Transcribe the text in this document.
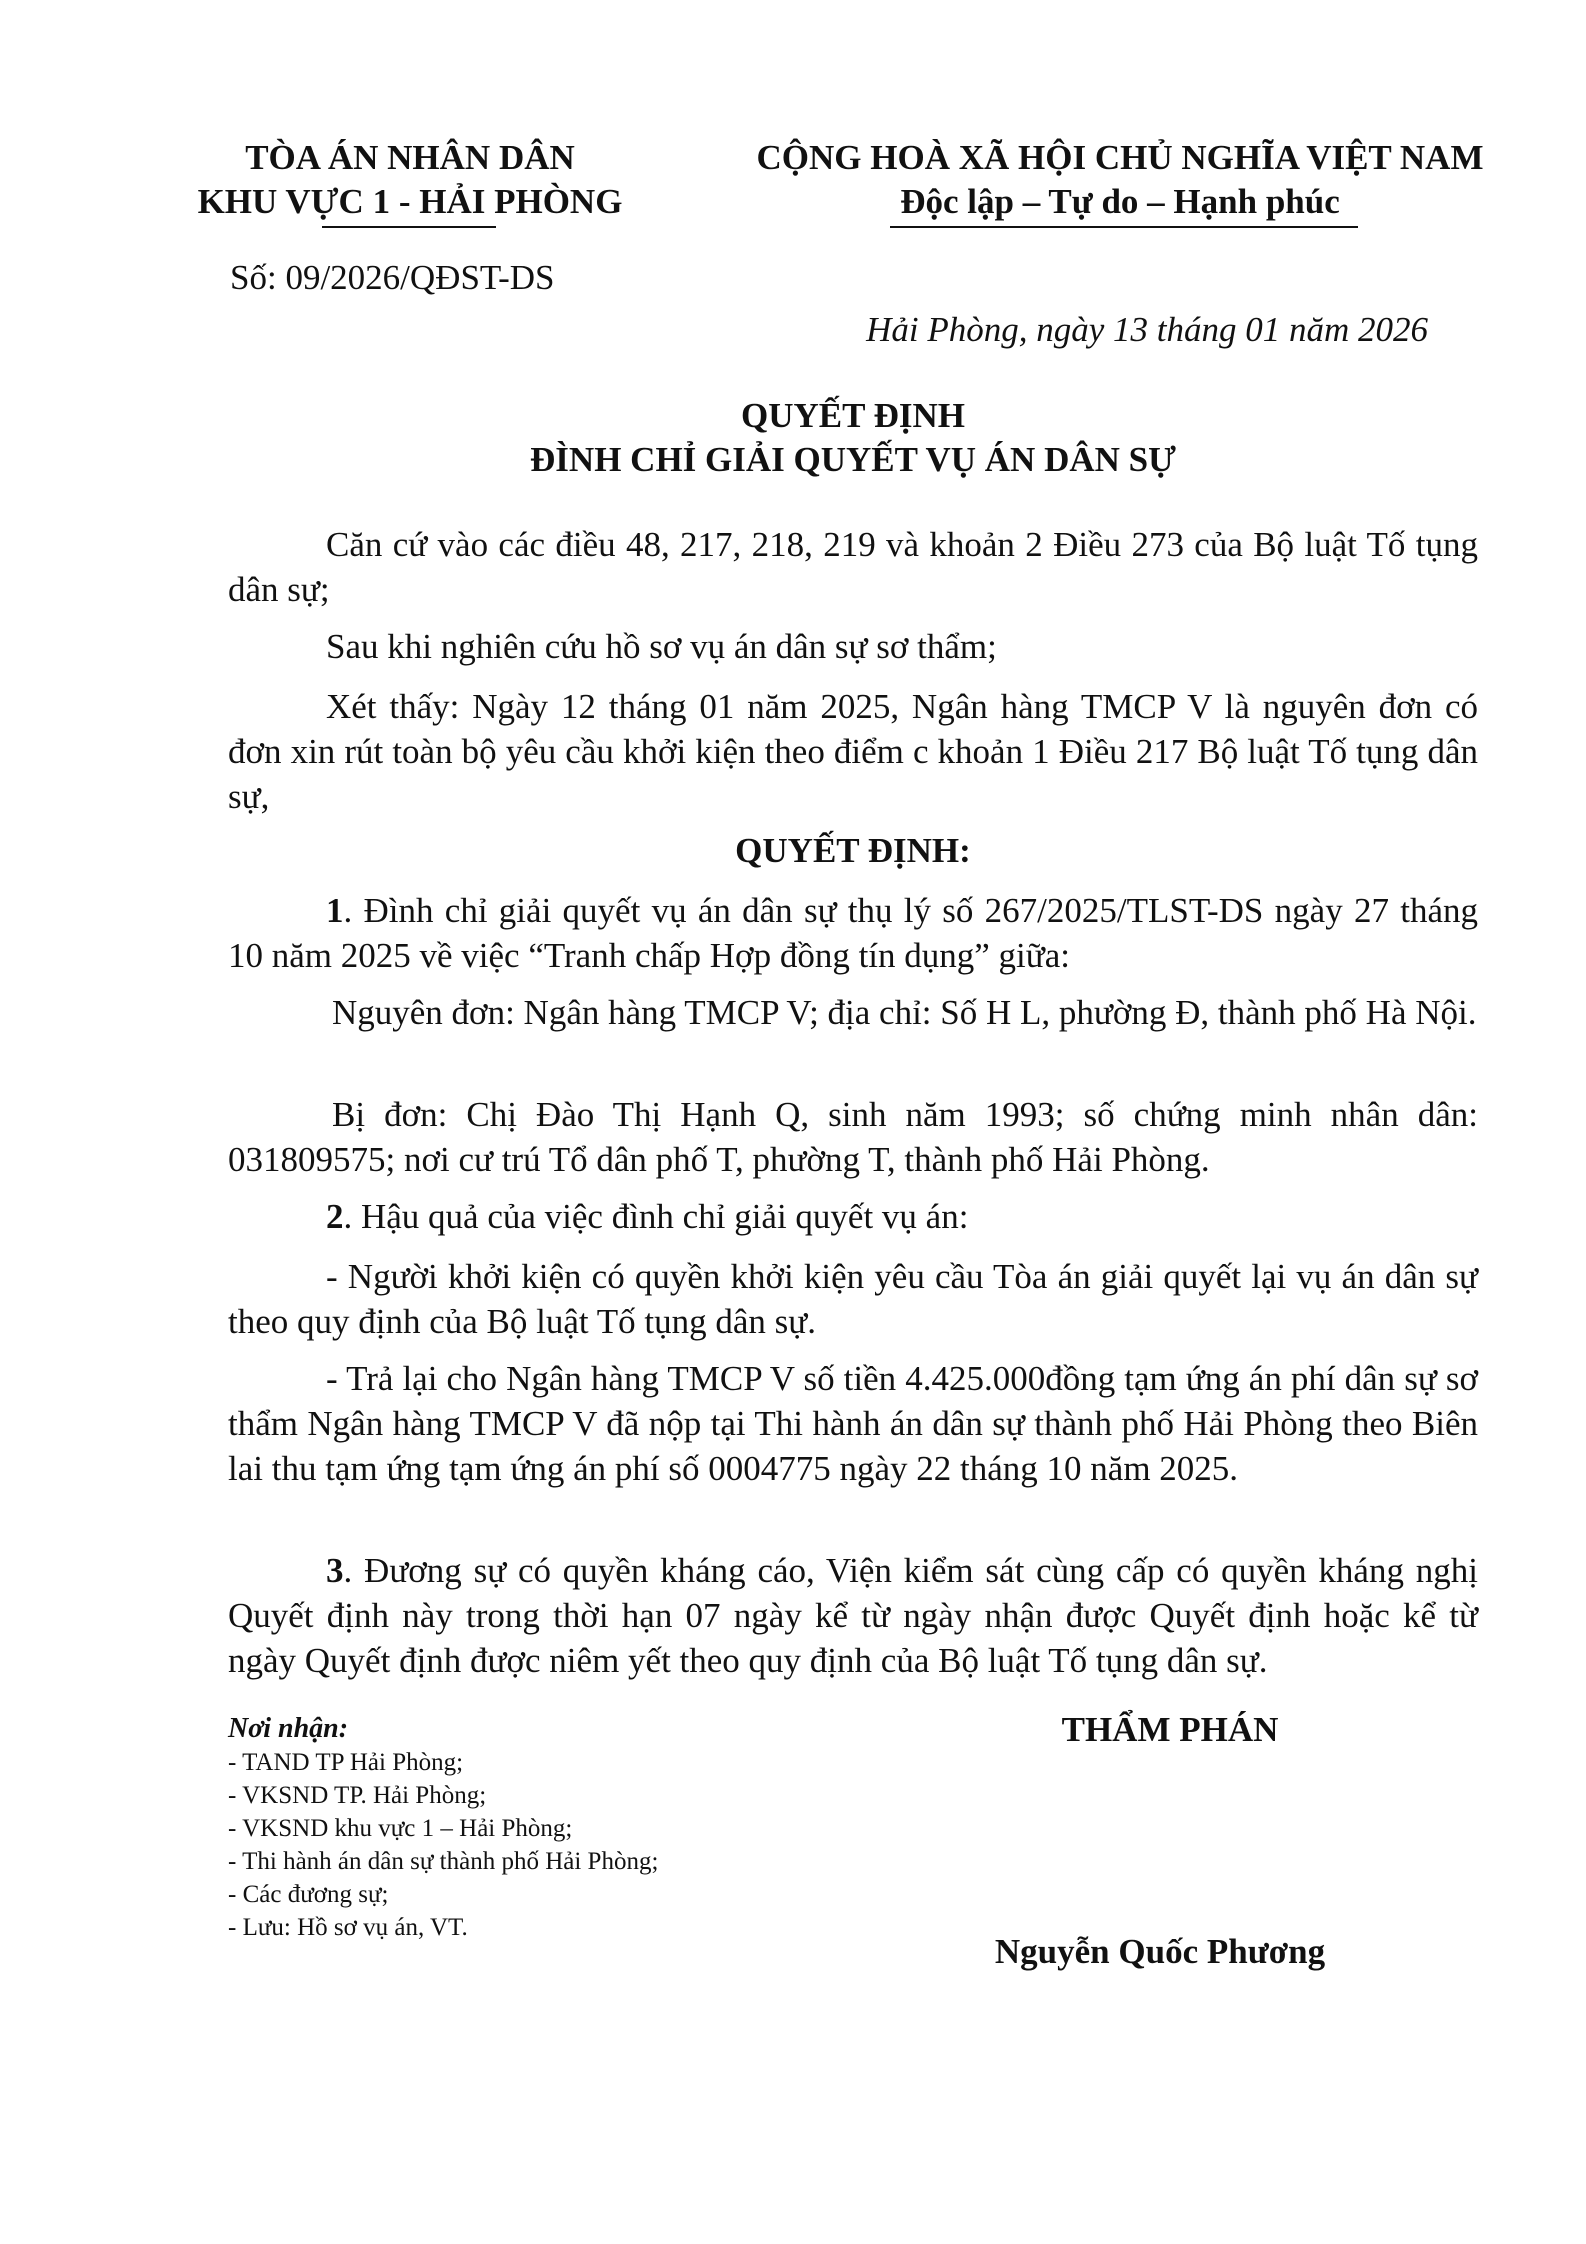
TÒA ÁN NHÂN DÂN
KHU VỰC 1 - HẢI PHÒNG
Số: 09/2026/QĐST-DS
CỘNG HOÀ XÃ HỘI CHỦ NGHĨA VIỆT NAM
Độc lập – Tự do – Hạnh phúc
Hải Phòng, ngày 13 tháng 01 năm 2026
QUYẾT ĐỊNH
ĐÌNH CHỈ GIẢI QUYẾT VỤ ÁN DÂN SỰ
Căn cứ vào các điều 48, 217, 218, 219 và khoản 2 Điều 273 của Bộ luật Tố tụng dân sự;
Sau khi nghiên cứu hồ sơ vụ án dân sự sơ thẩm;
Xét thấy: Ngày 12 tháng 01 năm 2025, Ngân hàng TMCP V là nguyên đơn có đơn xin rút toàn bộ yêu cầu khởi kiện theo điểm c khoản 1 Điều 217 Bộ luật Tố tụng dân sự,
QUYẾT ĐỊNH:
1. Đình chỉ giải quyết vụ án dân sự thụ lý số 267/2025/TLST-DS ngày 27 tháng 10 năm 2025 về việc “Tranh chấp Hợp đồng tín dụng” giữa:
Nguyên đơn: Ngân hàng TMCP V; địa chỉ: Số H L, phường Đ, thành phố Hà Nội.
Bị đơn: Chị Đào Thị Hạnh Q, sinh năm 1993; số chứng minh nhân dân: 031809575; nơi cư trú Tổ dân phố T, phường T, thành phố Hải Phòng.
2. Hậu quả của việc đình chỉ giải quyết vụ án:
- Người khởi kiện có quyền khởi kiện yêu cầu Tòa án giải quyết lại vụ án dân sự theo quy định của Bộ luật Tố tụng dân sự.
- Trả lại cho Ngân hàng TMCP V số tiền 4.425.000đồng tạm ứng án phí dân sự sơ thẩm Ngân hàng TMCP V đã nộp tại Thi hành án dân sự thành phố Hải Phòng theo Biên lai thu tạm ứng tạm ứng án phí số 0004775 ngày 22 tháng 10 năm 2025.
3. Đương sự có quyền kháng cáo, Viện kiểm sát cùng cấp có quyền kháng nghị Quyết định này trong thời hạn 07 ngày kể từ ngày nhận được Quyết định hoặc kể từ ngày Quyết định được niêm yết theo quy định của Bộ luật Tố tụng dân sự.
Nơi nhận:
- TAND TP Hải Phòng;
- VKSND TP. Hải Phòng;
- VKSND khu vực 1 – Hải Phòng;
- Thi hành án dân sự thành phố Hải Phòng;
- Các đương sự;
- Lưu: Hồ sơ vụ án, VT.
THẨM PHÁN
Nguyễn Quốc Phương
